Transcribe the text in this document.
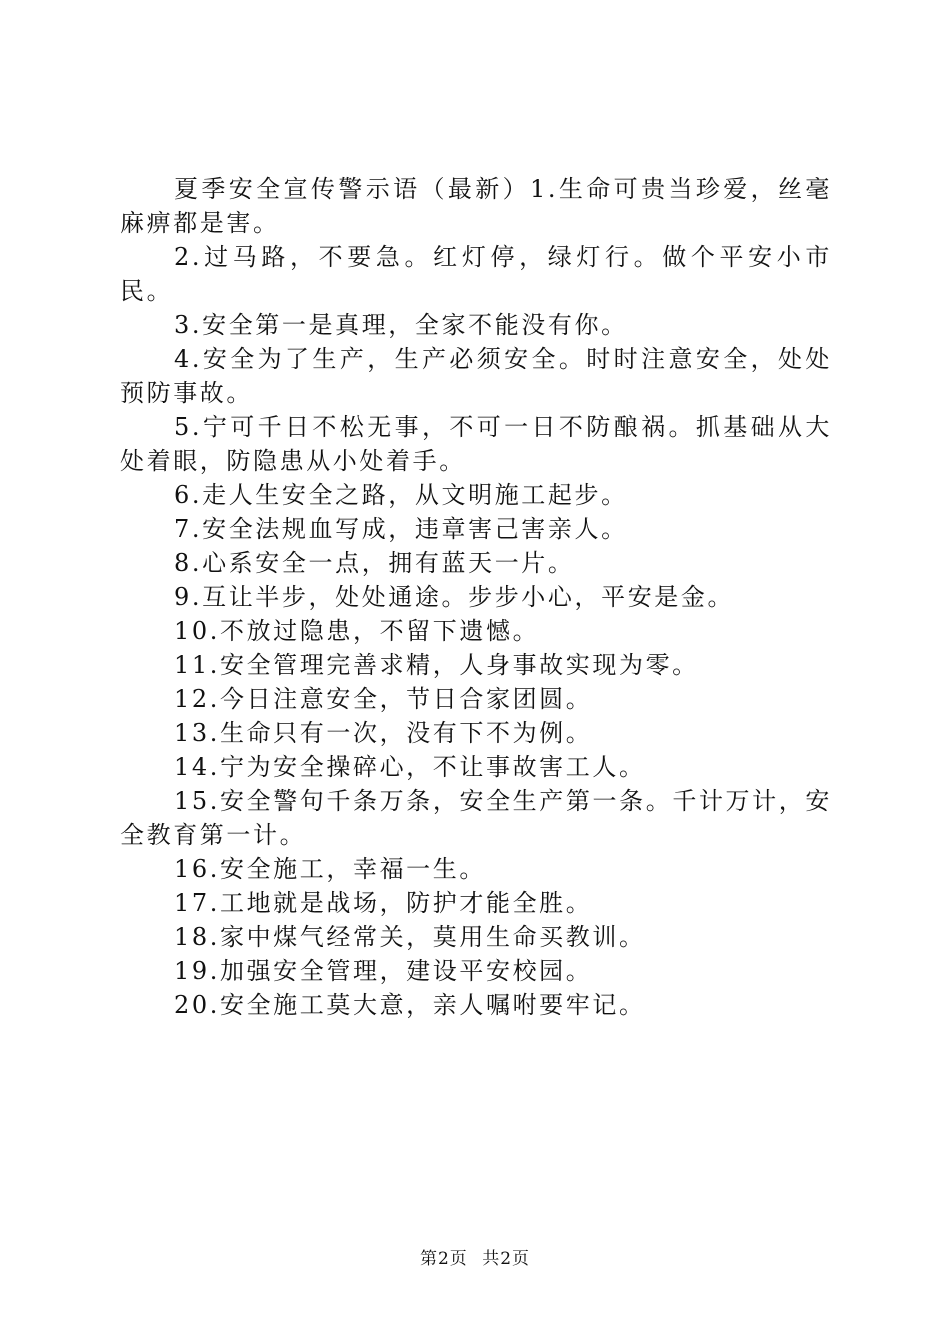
夏季安全宣传警示语（最新）1.生命可贵当珍爱，丝毫麻痹都是害。

2.过马路，不要急。红灯停，绿灯行。做个平安小市民。

3.安全第一是真理，全家不能没有你。

4.安全为了生产，生产必须安全。时时注意安全，处处预防事故。

5.宁可千日不松无事，不可一日不防酿祸。抓基础从大处着眼，防隐患从小处着手。

6.走人生安全之路，从文明施工起步。

7.安全法规血写成，违章害己害亲人。

8.心系安全一点，拥有蓝天一片。

9.互让半步，处处通途。步步小心，平安是金。

10.不放过隐患，不留下遗憾。

11.安全管理完善求精，人身事故实现为零。

12.今日注意安全，节日合家团圆。

13.生命只有一次，没有下不为例。

14.宁为安全操碎心，不让事故害工人。

15.安全警句千条万条，安全生产第一条。千计万计，安全教育第一计。

16.安全施工，幸福一生。

17.工地就是战场，防护才能全胜。

18.家中煤气经常关，莫用生命买教训。

19.加强安全管理，建设平安校园。

20.安全施工莫大意，亲人嘱咐要牢记。

第2页 共2页
